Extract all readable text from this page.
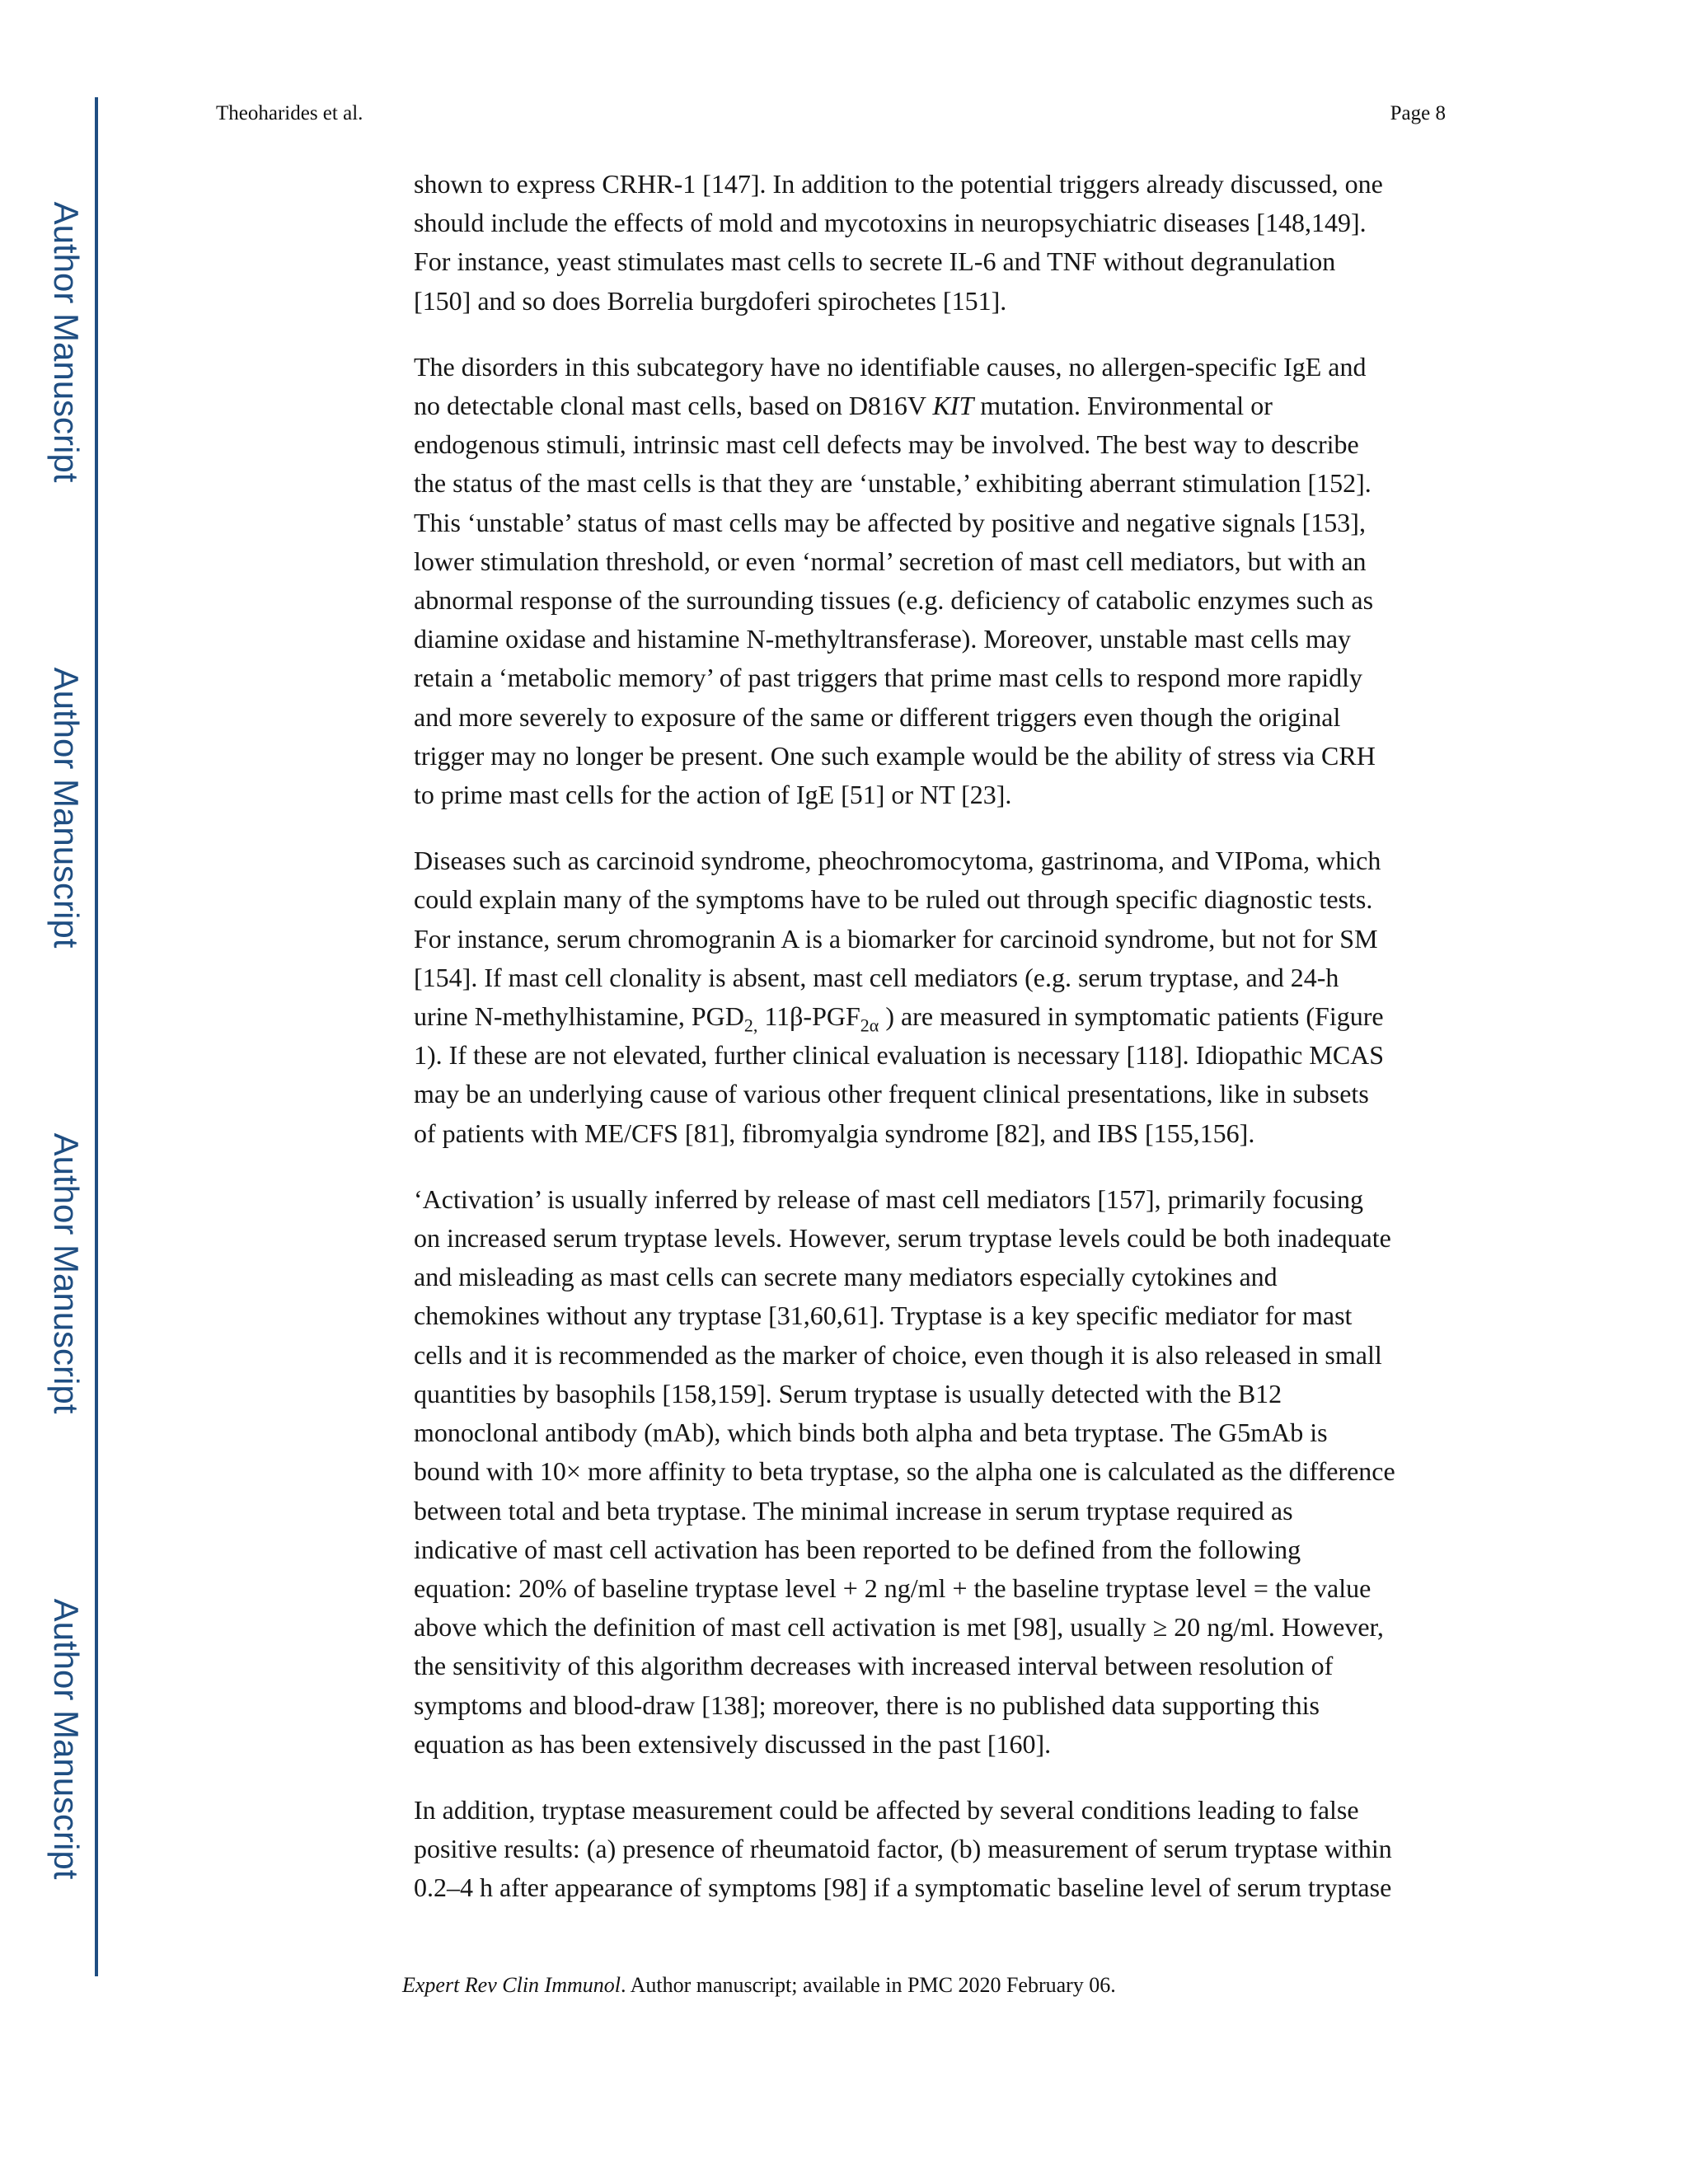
Author Manuscript
Author Manuscript
Author Manuscript
Author Manuscript
Theoharides et al.	Page 8

shown to express CRHR-1 [147]. In addition to the potential triggers already discussed, one
should include the effects of mold and mycotoxins in neuropsychiatric diseases [148,149].
For instance, yeast stimulates mast cells to secrete IL-6 and TNF without degranulation
[150] and so does Borrelia burgdoferi spirochetes [151].

The disorders in this subcategory have no identifiable causes, no allergen-specific IgE and
no detectable clonal mast cells, based on D816V KIT mutation. Environmental or
endogenous stimuli, intrinsic mast cell defects may be involved. The best way to describe
the status of the mast cells is that they are ‘unstable,’ exhibiting aberrant stimulation [152].
This ‘unstable’ status of mast cells may be affected by positive and negative signals [153],
lower stimulation threshold, or even ‘normal’ secretion of mast cell mediators, but with an
abnormal response of the surrounding tissues (e.g. deficiency of catabolic enzymes such as
diamine oxidase and histamine N-methyltransferase). Moreover, unstable mast cells may
retain a ‘metabolic memory’ of past triggers that prime mast cells to respond more rapidly
and more severely to exposure of the same or different triggers even though the original
trigger may no longer be present. One such example would be the ability of stress via CRH
to prime mast cells for the action of IgE [51] or NT [23].

Diseases such as carcinoid syndrome, pheochromocytoma, gastrinoma, and VIPoma, which
could explain many of the symptoms have to be ruled out through specific diagnostic tests.
For instance, serum chromogranin A is a biomarker for carcinoid syndrome, but not for SM
[154]. If mast cell clonality is absent, mast cell mediators (e.g. serum tryptase, and 24-h
urine N-methylhistamine, $PGD_{2,}$ $11\beta-PGF_{2\alpha}$ ) are measured in symptomatic patients (Figure
1). If these are not elevated, further clinical evaluation is necessary [118]. Idiopathic MCAS
may be an underlying cause of various other frequent clinical presentations, like in subsets
of patients with ME/CFS [81], fibromyalgia syndrome [82], and IBS [155,156].

‘Activation’ is usually inferred by release of mast cell mediators [157], primarily focusing
on increased serum tryptase levels. However, serum tryptase levels could be both inadequate
and misleading as mast cells can secrete many mediators especially cytokines and
chemokines without any tryptase [31,60,61]. Tryptase is a key specific mediator for mast
cells and it is recommended as the marker of choice, even though it is also released in small
quantities by basophils [158,159]. Serum tryptase is usually detected with the B12
monoclonal antibody (mAb), which binds both alpha and beta tryptase. The G5mAb is
bound with 10× more affinity to beta tryptase, so the alpha one is calculated as the difference
between total and beta tryptase. The minimal increase in serum tryptase required as
indicative of mast cell activation has been reported to be defined from the following
equation: 20% of baseline tryptase level + 2 ng/ml + the baseline tryptase level = the value
above which the definition of mast cell activation is met [98], usually ≥ 20 ng/ml. However,
the sensitivity of this algorithm decreases with increased interval between resolution of
symptoms and blood-draw [138]; moreover, there is no published data supporting this
equation as has been extensively discussed in the past [160].

In addition, tryptase measurement could be affected by several conditions leading to false
positive results: (a) presence of rheumatoid factor, (b) measurement of serum tryptase within
0.2–4 h after appearance of symptoms [98] if a symptomatic baseline level of serum tryptase

Expert Rev Clin Immunol. Author manuscript; available in PMC 2020 February 06.
